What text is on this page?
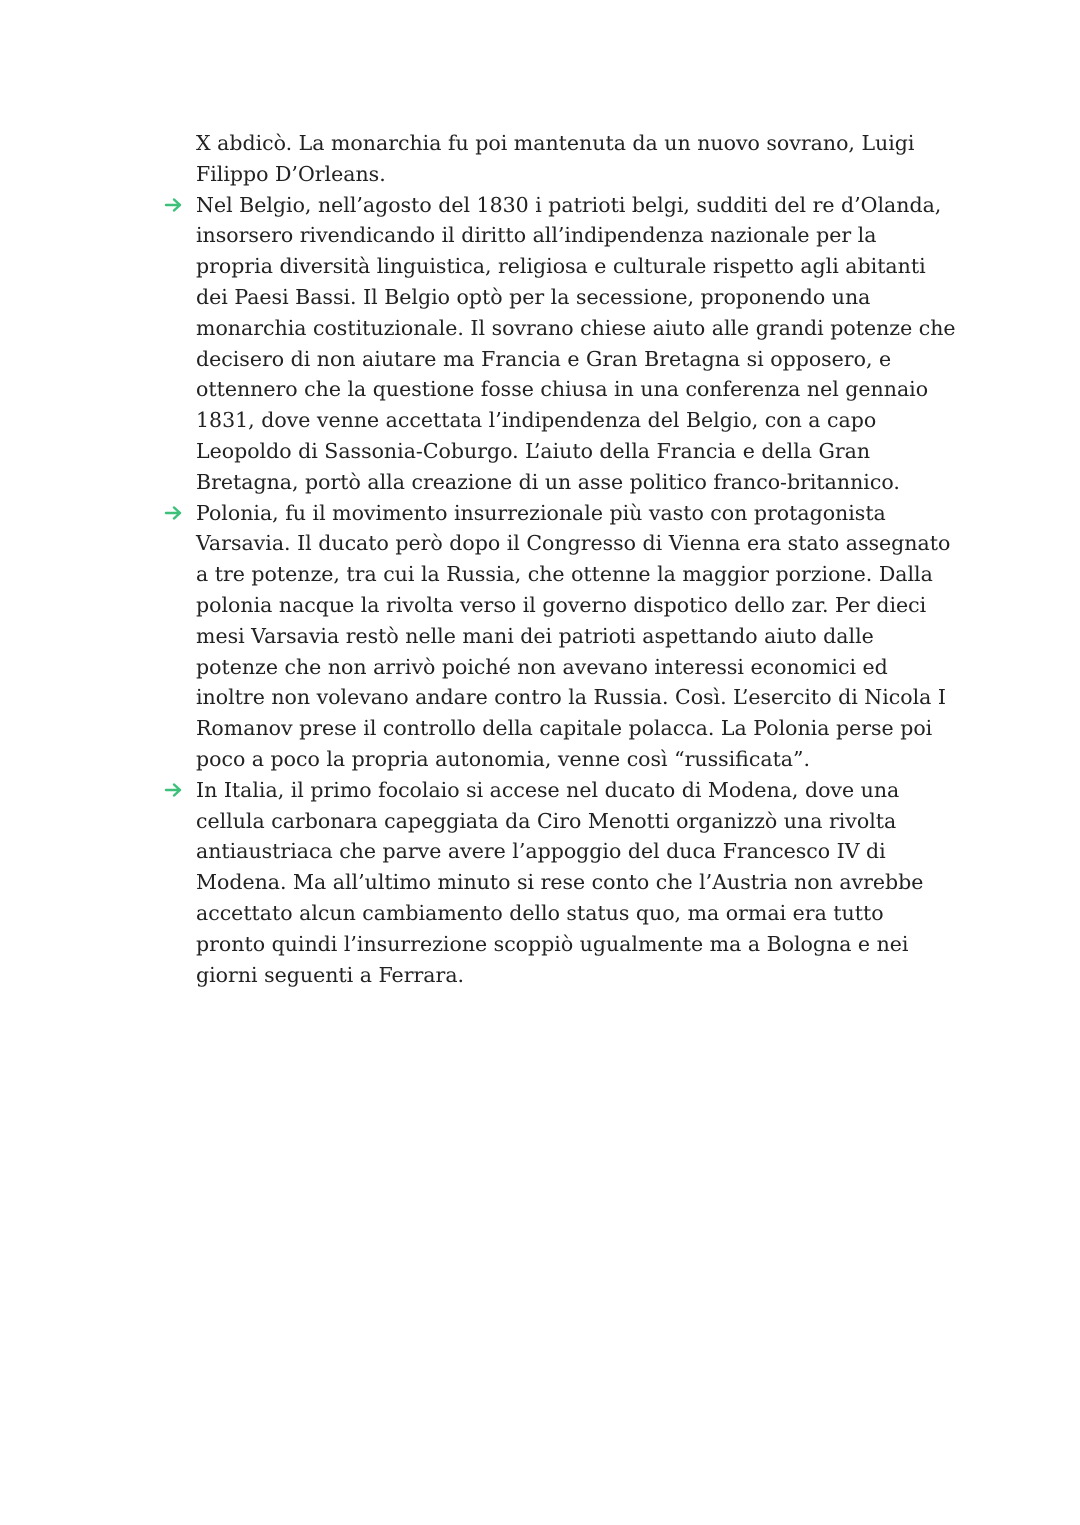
X abdicò. La monarchia fu poi mantenuta da un nuovo sovrano, Luigi Filippo D’Orleans.

Nel Belgio, nell’agosto del 1830 i patrioti belgi, sudditi del re d’Olanda, insorsero rivendicando il diritto all’indipendenza nazionale per la propria diversità linguistica, religiosa e culturale rispetto agli abitanti dei Paesi Bassi. Il Belgio optò per la secessione, proponendo una monarchia costituzionale. Il sovrano chiese aiuto alle grandi potenze che decisero di non aiutare ma Francia e Gran Bretagna si opposero, e ottennero che la questione fosse chiusa in una conferenza nel gennaio 1831, dove venne accettata l’indipendenza del Belgio, con a capo Leopoldo di Sassonia-Coburgo. L’aiuto della Francia e della Gran Bretagna, portò alla creazione di un asse politico franco-britannico.
Polonia, fu il movimento insurrezionale più vasto con protagonista Varsavia. Il ducato però dopo il Congresso di Vienna era stato assegnato a tre potenze, tra cui la Russia, che ottenne la maggior porzione. Dalla polonia nacque la rivolta verso il governo dispotico dello zar. Per dieci mesi Varsavia restò nelle mani dei patrioti aspettando aiuto dalle potenze che non arrivò poiché non avevano interessi economici ed inoltre non volevano andare contro la Russia. Così. L’esercito di Nicola I Romanov prese il controllo della capitale polacca. La Polonia perse poi poco a poco la propria autonomia, venne così “russificata”.
In Italia, il primo focolaio si accese nel ducato di Modena, dove una cellula carbonara capeggiata da Ciro Menotti organizzò una rivolta antiaustriaca che parve avere l’appoggio del duca Francesco IV di Modena. Ma all’ultimo minuto si rese conto che l’Austria non avrebbe accettato alcun cambiamento dello status quo, ma ormai era tutto pronto quindi l’insurrezione scoppiò ugualmente ma a Bologna e nei giorni seguenti a Ferrara.
